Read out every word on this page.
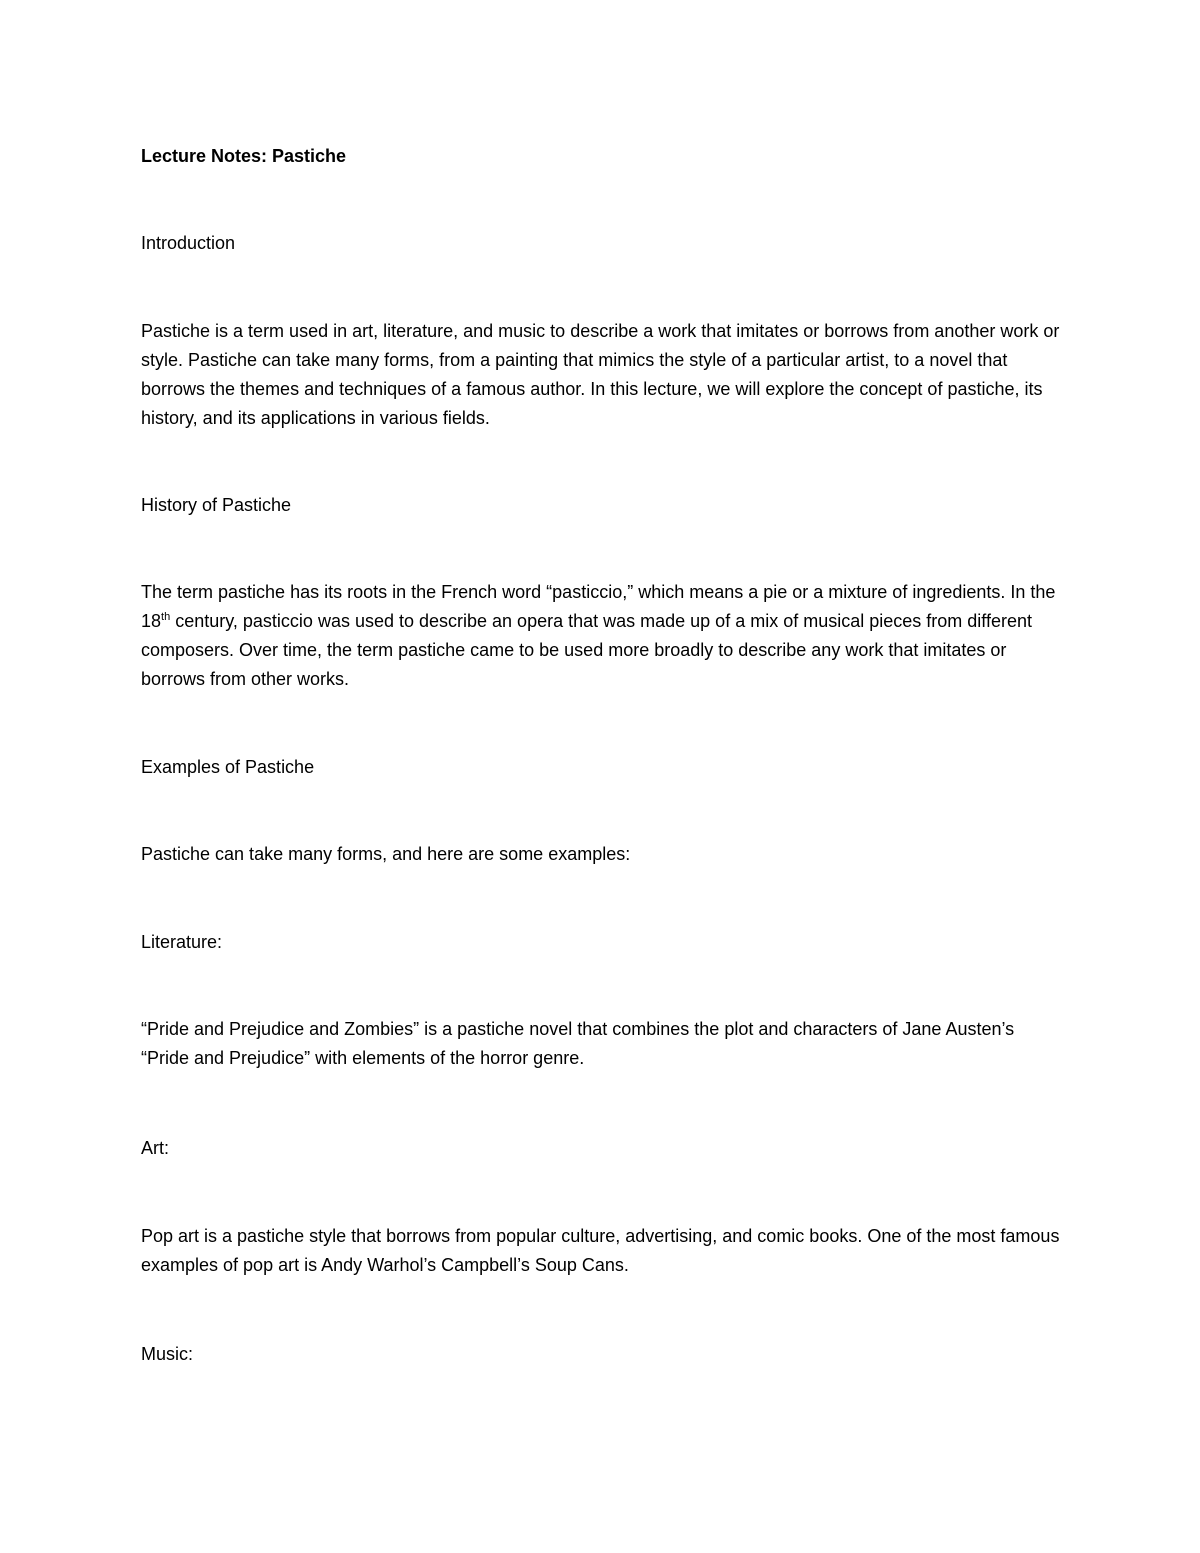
Lecture Notes: Pastiche

Introduction

Pastiche is a term used in art, literature, and music to describe a work that imitates or borrows from another work or style. Pastiche can take many forms, from a painting that mimics the style of a particular artist, to a novel that borrows the themes and techniques of a famous author. In this lecture, we will explore the concept of pastiche, its history, and its applications in various fields.

History of Pastiche

The term pastiche has its roots in the French word “pasticcio,” which means a pie or a mixture of ingredients. In the 18th century, pasticcio was used to describe an opera that was made up of a mix of musical pieces from different composers. Over time, the term pastiche came to be used more broadly to describe any work that imitates or borrows from other works.

Examples of Pastiche

Pastiche can take many forms, and here are some examples:

Literature:

“Pride and Prejudice and Zombies” is a pastiche novel that combines the plot and characters of Jane Austen’s “Pride and Prejudice” with elements of the horror genre.

Art:

Pop art is a pastiche style that borrows from popular culture, advertising, and comic books. One of the most famous examples of pop art is Andy Warhol’s Campbell’s Soup Cans.

Music:
